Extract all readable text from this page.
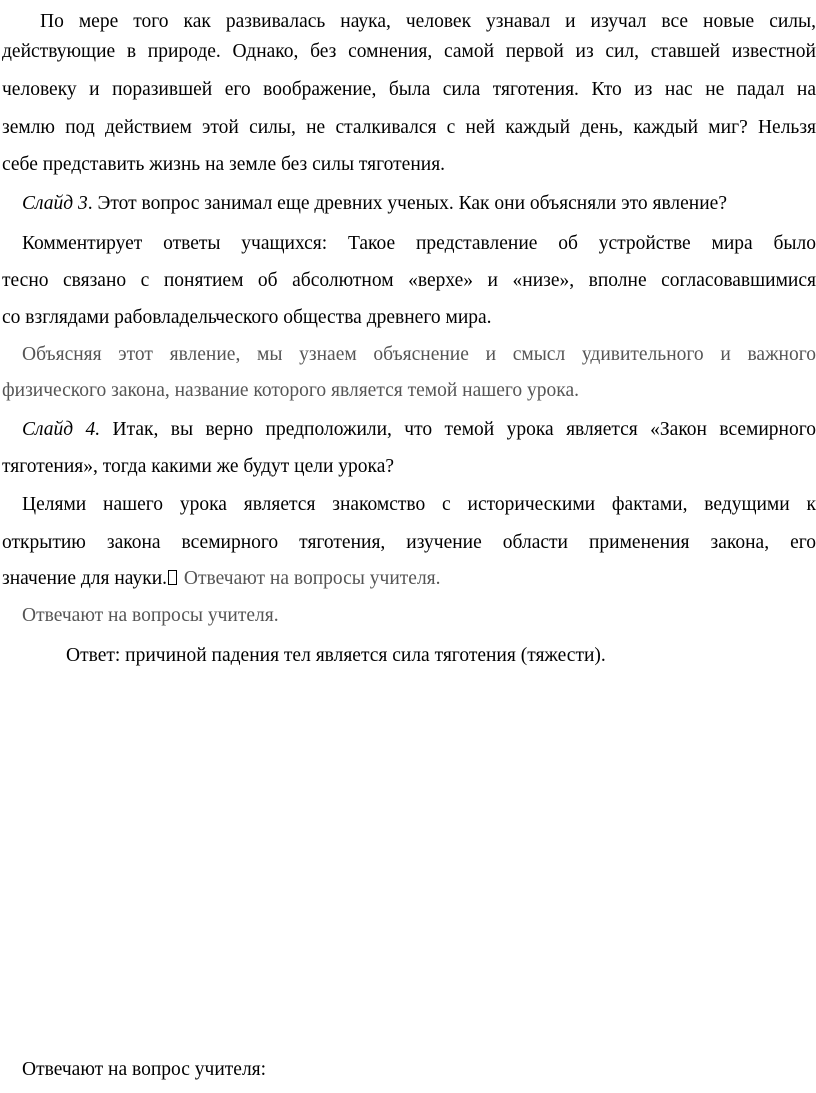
По мере того как развивалась наука, человек узнавал и изучал все новые силы,
действующие в природе. Однако, без сомнения, самой первой из сил, ставшей известной
человеку и поразившей его воображение, была сила тяготения. Кто из нас не падал на
землю под действием этой силы, не сталкивался с ней каждый день, каждый миг? Нельзя
себе представить жизнь на земле без силы тяготения.
Слайд 3. Этот вопрос занимал еще древних ученых. Как они объясняли это явление?
Комментирует ответы учащихся: Такое представление об устройстве мира было
тесно связано с понятием об абсолютном «верхе» и «низе», вполне согласовавшимися
со взглядами рабовладельческого общества древнего мира.
Объясняя этот явление, мы узнаем объяснение и смысл удивительного и важного
физического закона, название которого является темой нашего урока.
Слайд 4. Итак, вы верно предположили, что темой урока является «Закон всемирного
тяготения», тогда какими же будут цели урока?
Целями нашего урока является знакомство с историческими фактами, ведущими к
открытию закона всемирного тяготения, изучение области применения закона, его
значение для науки. Отвечают на вопросы учителя.
Отвечают на вопросы учителя.
Ответ: причиной падения тел является сила тяготения (тяжести).
Отвечают на вопрос учителя:
